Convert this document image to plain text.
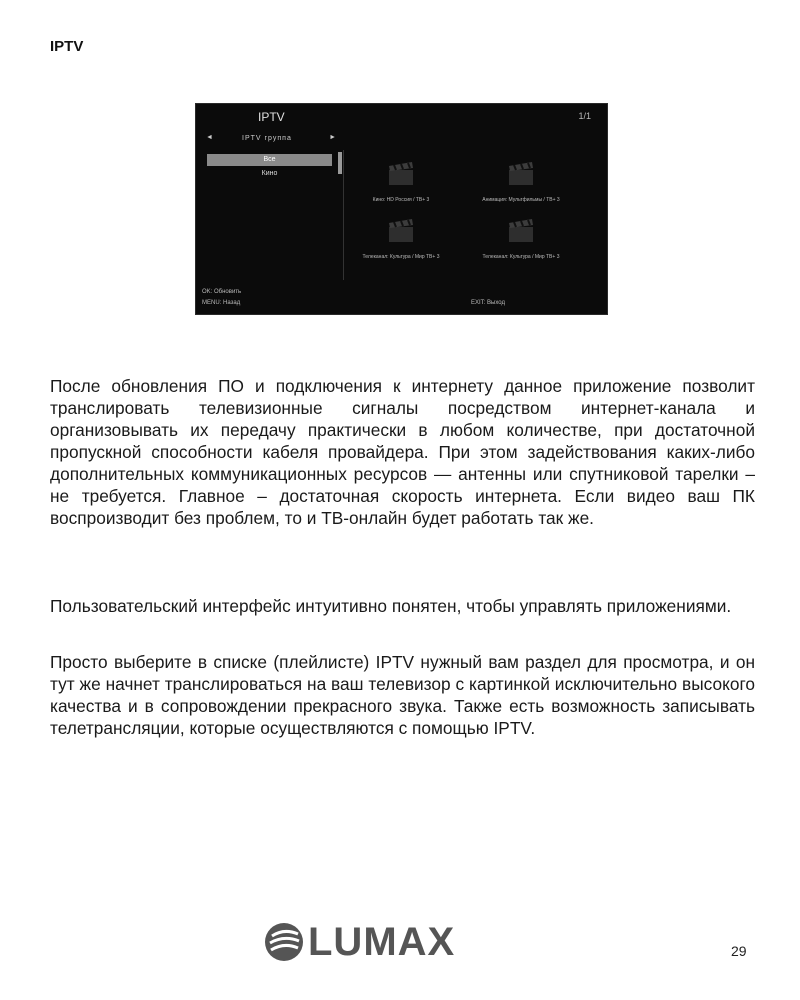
IPTV
IPTV	1/1
◄	IPTV группа	►
Все
Кино
Кино: HD Россия / ТВ+ 3	Анимация: Мультфильмы / ТВ+ 3
Телеканал: Культура / Мир ТВ+ 3	Телеканал: Культура / Мир ТВ+ 3
OK: Обновить
MENU: Назад	EXIT: Выход

После обновления ПО и подключения к интернету данное приложение позволит транслировать телевизионные сигналы посредством интернет-канала и организовывать их передачу практически в любом количестве, при достаточной пропускной способности кабеля провайдера. При этом задействования каких-либо дополнительных коммуникационных ресурсов — антенны или спутниковой тарелки – не требуется. Главное – достаточная скорость интернета. Если видео ваш ПК воспроизводит без проблем, то и ТВ-онлайн будет работать так же.

Пользовательский интерфейс интуитивно понятен, чтобы управлять приложениями.

Просто выберите в списке (плейлисте) IPTV нужный вам раздел для просмотра, и он тут же начнет транслироваться на ваш телевизор с картинкой исключительно высокого качества и в сопровождении прекрасного звука. Также есть возможность записывать телетрансляции, которые осуществляются с помощью IPTV.

LUMAX	29
